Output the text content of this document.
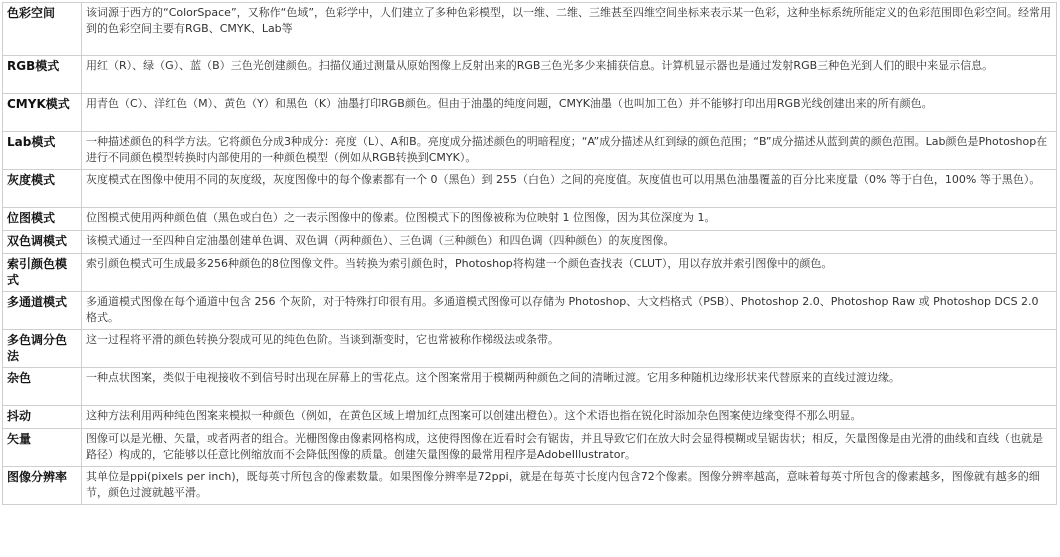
色彩空间	该词源于西方的“ColorSpace”，又称作“色域”，色彩学中，人们建立了多种色彩模型，以一维、二维、三维甚至四维空间坐标来表示某一色彩，这种坐标系统所能定义的色彩范围即色彩空间。经常用到的色彩空间主要有RGB、CMYK、Lab等
RGB模式	用红（R）、绿（G）、蓝（B）三色光创建颜色。扫描仪通过测量从原始图像上反射出来的RGB三色光多少来捕获信息。计算机显示器也是通过发射RGB三种色光到人们的眼中来显示信息。
CMYK模式	用青色（C）、洋红色（M）、黄色（Y）和黑色（K）油墨打印RGB颜色。但由于油墨的纯度问题，CMYK油墨（也叫加工色）并不能够打印出用RGB光线创建出来的所有颜色。
Lab模式	一种描述颜色的科学方法。它将颜色分成3种成分：亮度（L）、A和B。亮度成分描述颜色的明暗程度；“A”成分描述从红到绿的颜色范围；“B”成分描述从蓝到黄的颜色范围。Lab颜色是Photoshop在进行不同颜色模型转换时内部使用的一种颜色模型（例如从RGB转换到CMYK）。
灰度模式	灰度模式在图像中使用不同的灰度级，灰度图像中的每个像素都有一个 0（黑色）到 255（白色）之间的亮度值。灰度值也可以用黑色油墨覆盖的百分比来度量（0% 等于白色，100% 等于黑色）。
位图模式	位图模式使用两种颜色值（黑色或白色）之一表示图像中的像素。位图模式下的图像被称为位映射 1 位图像，因为其位深度为 1。
双色调模式	该模式通过一至四种自定油墨创建单色调、双色调（两种颜色）、三色调（三种颜色）和四色调（四种颜色）的灰度图像。
索引颜色模式	索引颜色模式可生成最多256种颜色的8位图像文件。当转换为索引颜色时，Photoshop将构建一个颜色查找表（CLUT），用以存放并索引图像中的颜色。
多通道模式	多通道模式图像在每个通道中包含 256 个灰阶，对于特殊打印很有用。多通道模式图像可以存储为 Photoshop、大文档格式（PSB）、Photoshop 2.0、Photoshop Raw 或 Photoshop DCS 2.0 格式。
多色调分色法	这一过程将平滑的颜色转换分裂成可见的纯色色阶。当谈到渐变时，它也常被称作梯级法或条带。
杂色	一种点状图案，类似于电视接收不到信号时出现在屏幕上的雪花点。这个图案常用于模糊两种颜色之间的清晰过渡。它用多种随机边缘形状来代替原来的直线过渡边缘。
抖动	这种方法利用两种纯色图案来模拟一种颜色（例如，在黄色区域上增加红点图案可以创建出橙色）。这个术语也指在锐化时添加杂色图案使边缘变得不那么明显。
矢量	图像可以是光栅、矢量，或者两者的组合。光栅图像由像素网格构成，这使得图像在近看时会有锯齿，并且导致它们在放大时会显得模糊或呈锯齿状；相反，矢量图像是由光滑的曲线和直线（也就是路径）构成的，它能够以任意比例缩放而不会降低图像的质量。创建矢量图像的最常用程序是AdobeIllustrator。
图像分辨率	其单位是ppi(pixels per inch)，既每英寸所包含的像素数量。如果图像分辨率是72ppi，就是在每英寸长度内包含72个像素。图像分辨率越高，意味着每英寸所包含的像素越多，图像就有越多的细节，颜色过渡就越平滑。
